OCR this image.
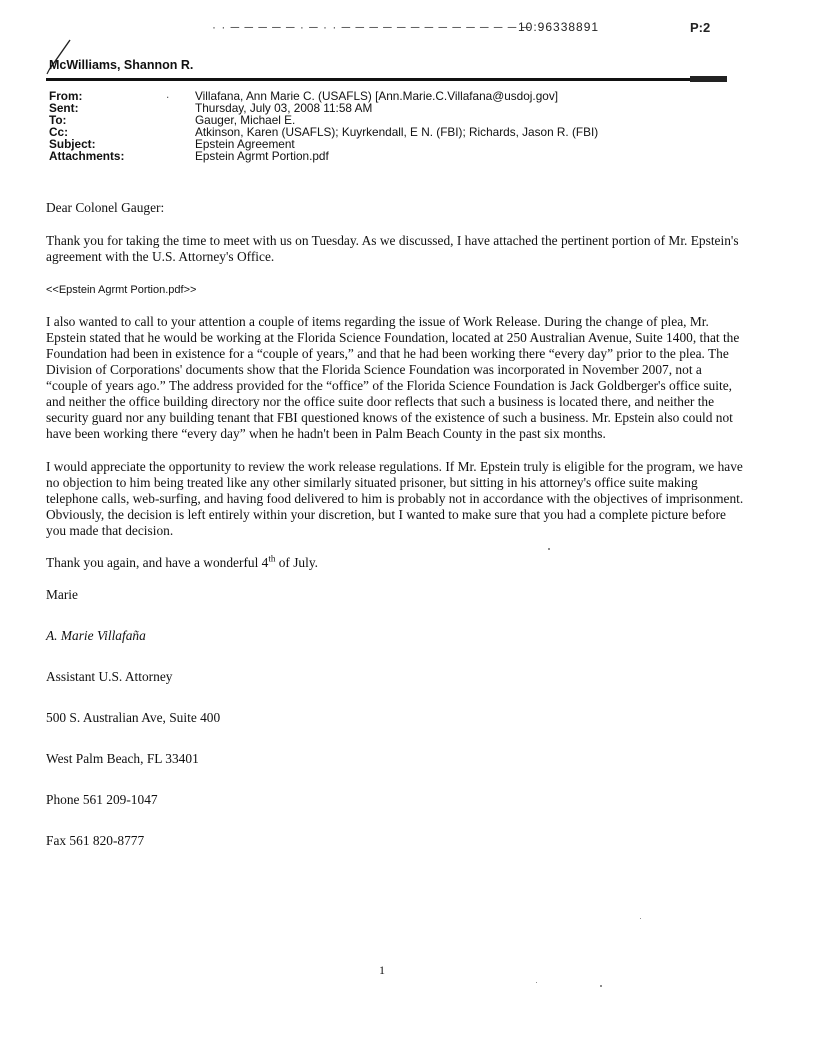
· · ─ ─ ─ ─ ─ · ─ · · ─ ─ ─ ─ ─ ─ ─ ─ ─ ─ ─ ─ ─ ─
10:96338891	P:2
McWilliams, Shannon R.
From:	. Villafana, Ann Marie C. (USAFLS) [Ann.Marie.C.Villafana@usdoj.gov]
Sent:	Thursday, July 03, 2008 11:58 AM
To:	Gauger, Michael E.
Cc:	Atkinson, Karen (USAFLS); Kuyrkendall, E N. (FBI); Richards, Jason R. (FBI)
Subject:	Epstein Agreement
Attachments:	Epstein Agrmt Portion.pdf

Dear Colonel Gauger:

Thank you for taking the time to meet with us on Tuesday. As we discussed, I have attached the pertinent portion of Mr. Epstein's agreement with the U.S. Attorney's Office.

<<Epstein Agrmt Portion.pdf>>

I also wanted to call to your attention a couple of items regarding the issue of Work Release. During the change of plea, Mr. Epstein stated that he would be working at the Florida Science Foundation, located at 250 Australian Avenue, Suite 1400, that the Foundation had been in existence for a “couple of years,” and that he had been working there “every day” prior to the plea. The Division of Corporations' documents show that the Florida Science Foundation was incorporated in November 2007, not a “couple of years ago.” The address provided for the “office” of the Florida Science Foundation is Jack Goldberger's office suite, and neither the office building directory nor the office suite door reflects that such a business is located there, and neither the security guard nor any building tenant that FBI questioned knows of the existence of such a business. Mr. Epstein also could not have been working there “every day” when he hadn't been in Palm Beach County in the past six months.

I would appreciate the opportunity to review the work release regulations. If Mr. Epstein truly is eligible for the program, we have no objection to him being treated like any other similarly situated prisoner, but sitting in his attorney's office suite making telephone calls, web-surfing, and having food delivered to him is probably not in accordance with the objectives of imprisonment. Obviously, the decision is left entirely within your discretion, but I wanted to make sure that you had a complete picture before you made that decision.

Thank you again, and have a wonderful 4th of July.

Marie

A. Marie Villafaña

Assistant U.S. Attorney

500 S. Australian Ave, Suite 400

West Palm Beach, FL 33401

Phone 561 209-1047

Fax 561 820-8777

1
